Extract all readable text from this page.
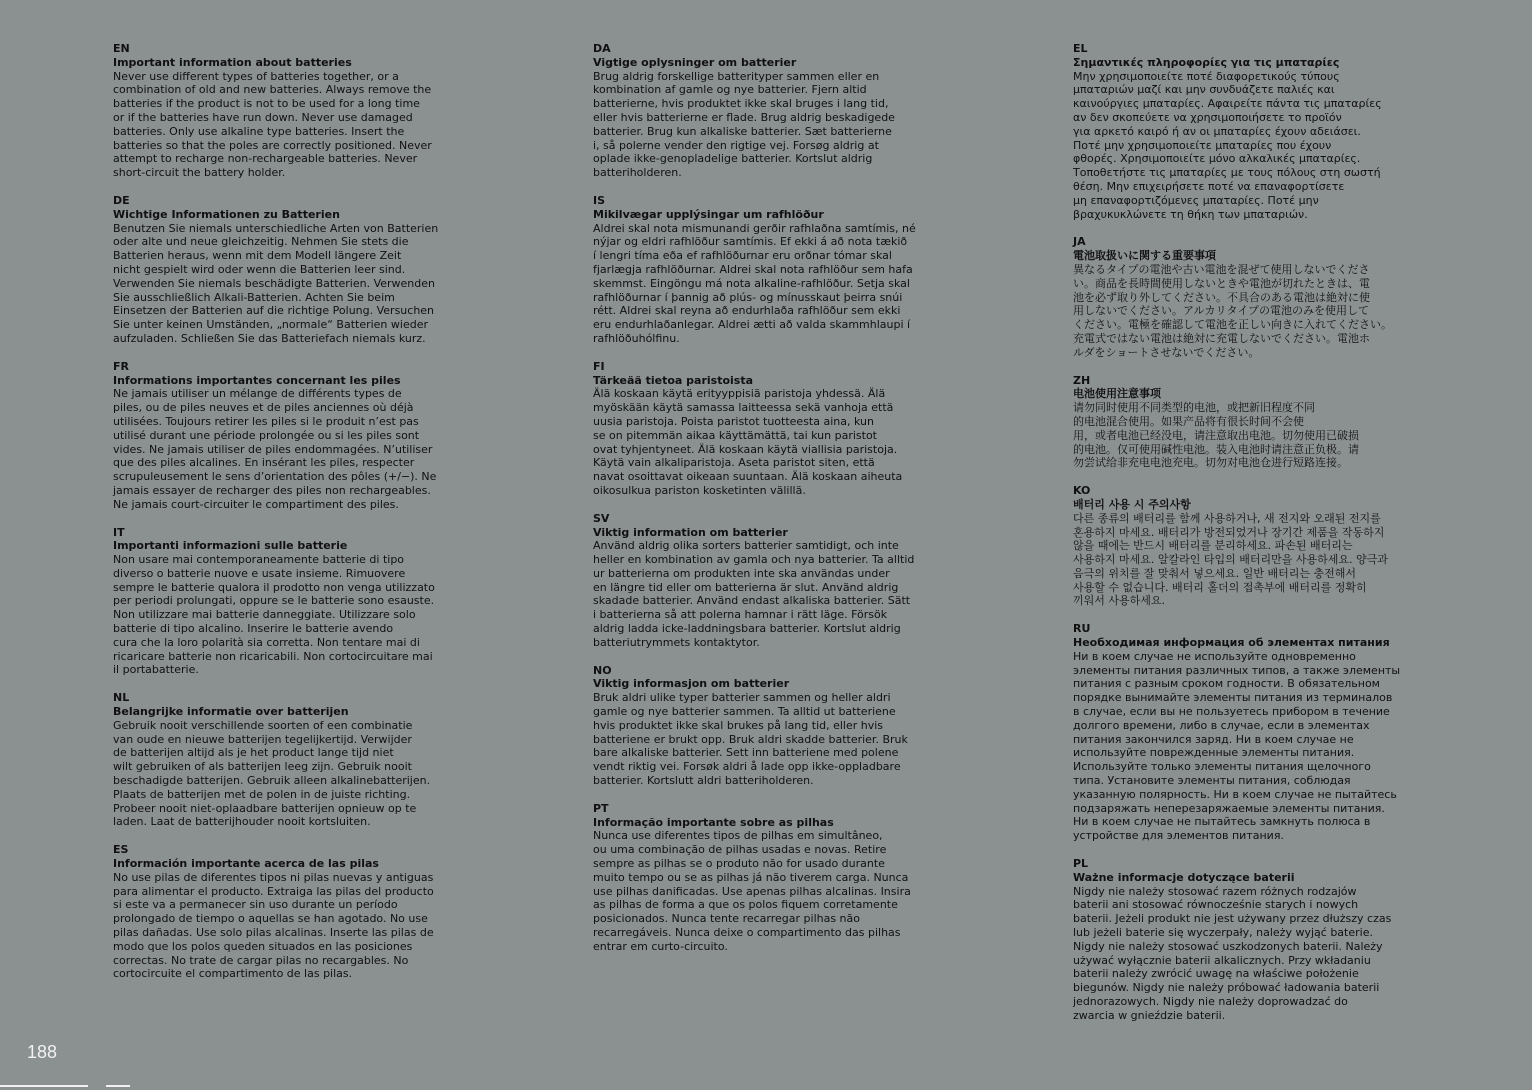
EN
Important information about batteries
Never use different types of batteries together, or a
combination of old and new batteries. Always remove the
batteries if the product is not to be used for a long time
or if the batteries have run down. Never use damaged
batteries. Only use alkaline type batteries. Insert the
batteries so that the poles are correctly positioned. Never
attempt to recharge non-rechargeable batteries. Never
short-circuit the battery holder.
DE
Wichtige Informationen zu Batterien
Benutzen Sie niemals unterschiedliche Arten von Batterien
oder alte und neue gleichzeitig. Nehmen Sie stets die
Batterien heraus, wenn mit dem Modell längere Zeit
nicht gespielt wird oder wenn die Batterien leer sind.
Verwenden Sie niemals beschädigte Batterien. Verwenden
Sie ausschließlich Alkali-Batterien. Achten Sie beim
Einsetzen der Batterien auf die richtige Polung. Versuchen
Sie unter keinen Umständen, „normale“ Batterien wieder
aufzuladen. Schließen Sie das Batteriefach niemals kurz.
FR
Informations importantes concernant les piles
Ne jamais utiliser un mélange de différents types de
piles, ou de piles neuves et de piles anciennes où déjà
utilisées. Toujours retirer les piles si le produit n’est pas
utilisé durant une période prolongée ou si les piles sont
vides. Ne jamais utiliser de piles endommagées. N’utiliser
que des piles alcalines. En insérant les piles, respecter
scrupuleusement le sens d’orientation des pôles (+/−). Ne
jamais essayer de recharger des piles non rechargeables.
Ne jamais court-circuiter le compartiment des piles.
IT
Importanti informazioni sulle batterie
Non usare mai contemporaneamente batterie di tipo
diverso o batterie nuove e usate insieme. Rimuovere
sempre le batterie qualora il prodotto non venga utilizzato
per periodi prolungati, oppure se le batterie sono esauste.
Non utilizzare mai batterie danneggiate. Utilizzare solo
batterie di tipo alcalino. Inserire le batterie avendo
cura che la loro polarità sia corretta. Non tentare mai di
ricaricare batterie non ricaricabili. Non cortocircuitare mai
il portabatterie.
NL
Belangrijke informatie over batterijen
Gebruik nooit verschillende soorten of een combinatie
van oude en nieuwe batterijen tegelijkertijd. Verwijder
de batterijen altijd als je het product lange tijd niet
wilt gebruiken of als batterijen leeg zijn. Gebruik nooit
beschadigde batterijen. Gebruik alleen alkalinebatterijen.
Plaats de batterijen met de polen in de juiste richting.
Probeer nooit niet-oplaadbare batterijen opnieuw op te
laden. Laat de batterijhouder nooit kortsluiten.
ES
Información importante acerca de las pilas
No use pilas de diferentes tipos ni pilas nuevas y antiguas
para alimentar el producto. Extraiga las pilas del producto
si este va a permanecer sin uso durante un período
prolongado de tiempo o aquellas se han agotado. No use
pilas dañadas. Use solo pilas alcalinas. Inserte las pilas de
modo que los polos queden situados en las posiciones
correctas. No trate de cargar pilas no recargables. No
cortocircuite el compartimento de las pilas.
DA
Vigtige oplysninger om batterier
Brug aldrig forskellige batterityper sammen eller en
kombination af gamle og nye batterier. Fjern altid
batterierne, hvis produktet ikke skal bruges i lang tid,
eller hvis batterierne er flade. Brug aldrig beskadigede
batterier. Brug kun alkaliske batterier. Sæt batterierne
i, så polerne vender den rigtige vej. Forsøg aldrig at
oplade ikke-genopladelige batterier. Kortslut aldrig
batteriholderen.
IS
Mikilvægar upplýsingar um rafhlöður
Aldrei skal nota mismunandi gerðir rafhlaðna samtímis, né
nýjar og eldri rafhlöður samtímis. Ef ekki á að nota tækið
í lengri tíma eða ef rafhlöðurnar eru orðnar tómar skal
fjarlægja rafhlöðurnar. Aldrei skal nota rafhlöður sem hafa
skemmst. Eingöngu má nota alkaline-rafhlöður. Setja skal
rafhlöðurnar í þannig að plús- og mínusskaut þeirra snúi
rétt. Aldrei skal reyna að endurhlaða rafhlöður sem ekki
eru endurhlaðanlegar. Aldrei ætti að valda skammhlaupi í
rafhlöðuhólfinu.
FI
Tärkeää tietoa paristoista
Älä koskaan käytä erityyppisiä paristoja yhdessä. Älä
myöskään käytä samassa laitteessa sekä vanhoja että
uusia paristoja. Poista paristot tuotteesta aina, kun
se on pitemmän aikaa käyttämättä, tai kun paristot
ovat tyhjentyneet. Älä koskaan käytä viallisia paristoja.
Käytä vain alkaliparistoja. Aseta paristot siten, että
navat osoittavat oikeaan suuntaan. Älä koskaan aiheuta
oikosulkua pariston kosketinten välillä.
SV
Viktig information om batterier
Använd aldrig olika sorters batterier samtidigt, och inte
heller en kombination av gamla och nya batterier. Ta alltid
ur batterierna om produkten inte ska användas under
en längre tid eller om batterierna är slut. Använd aldrig
skadade batterier. Använd endast alkaliska batterier. Sätt
i batterierna så att polerna hamnar i rätt läge. Försök
aldrig ladda icke-laddningsbara batterier. Kortslut aldrig
batteriutrymmets kontaktytor.
NO
Viktig informasjon om batterier
Bruk aldri ulike typer batterier sammen og heller aldri
gamle og nye batterier sammen. Ta alltid ut batteriene
hvis produktet ikke skal brukes på lang tid, eller hvis
batteriene er brukt opp. Bruk aldri skadde batterier. Bruk
bare alkaliske batterier. Sett inn batteriene med polene
vendt riktig vei. Forsøk aldri å lade opp ikke-oppladbare
batterier. Kortslutt aldri batteriholderen.
PT
Informação importante sobre as pilhas
Nunca use diferentes tipos de pilhas em simultâneo,
ou uma combinação de pilhas usadas e novas. Retire
sempre as pilhas se o produto não for usado durante
muito tempo ou se as pilhas já não tiverem carga. Nunca
use pilhas danificadas. Use apenas pilhas alcalinas. Insira
as pilhas de forma a que os polos fiquem corretamente
posicionados. Nunca tente recarregar pilhas não
recarregáveis. Nunca deixe o compartimento das pilhas
entrar em curto-circuito.
EL
Σημαντικές πληροφορίες για τις μπαταρίες
Μην χρησιμοποιείτε ποτέ διαφορετικούς τύπους
μπαταριών μαζί και μην συνδυάζετε παλιές και
καινούργιες μπαταρίες. Αφαιρείτε πάντα τις μπαταρίες
αν δεν σκοπεύετε να χρησιμοποιήσετε το προϊόν
για αρκετό καιρό ή αν οι μπαταρίες έχουν αδειάσει.
Ποτέ μην χρησιμοποιείτε μπαταρίες που έχουν
φθορές. Χρησιμοποιείτε μόνο αλκαλικές μπαταρίες.
Τοποθετήστε τις μπαταρίες με τους πόλους στη σωστή
θέση. Μην επιχειρήσετε ποτέ να επαναφορτίσετε
μη επαναφορτιζόμενες μπαταρίες. Ποτέ μην
βραχυκυκλώνετε τη θήκη των μπαταριών.
JA
電池取扱いに関する重要事項
異なるタイプの電池や古い電池を混ぜて使用しないでくださ
い。商品を長時間使用しないときや電池が切れたときは、電
池を必ず取り外してください。不具合のある電池は絶対に使
用しないでください。アルカリタイプの電池のみを使用して
ください。電極を確認して電池を正しい向きに入れてください。
充電式ではない電池は絶対に充電しないでください。電池ホ
ルダをショートさせないでください。
ZH
电池使用注意事项
请勿同时使用不同类型的电池，或把新旧程度不同
的电池混合使用。如果产品将有很长时间不会使
用，或者电池已经没电，请注意取出电池。切勿使用已破损
的电池。仅可使用碱性电池。装入电池时请注意正负极。请
勿尝试给非充电电池充电。切勿对电池仓进行短路连接。
KO
배터리 사용 시 주의사항
다른 종류의 배터리를 함께 사용하거나, 새 전지와 오래된 전지를
혼용하지 마세요. 배터리가 방전되었거나 장기간 제품을 작동하지
않을 때에는 반드시 배터리를 분리하세요. 파손된 배터리는
사용하지 마세요. 알칼라인 타입의 배터리만을 사용하세요. 양극과
음극의 위치를 잘 맞춰서 넣으세요. 일반 배터리는 충전해서
사용할 수 없습니다. 배터리 홀더의 접촉부에 배터리를 정확히
끼워서 사용하세요.
RU
Необходимая информация об элементах питания
Ни в коем случае не используйте одновременно
элементы питания различных типов, а также элементы
питания с разным сроком годности. В обязательном
порядке вынимайте элементы питания из терминалов
в случае, если вы не пользуетесь прибором в течение
долгого времени, либо в случае, если в элементах
питания закончился заряд. Ни в коем случае не
используйте поврежденные элементы питания.
Используйте только элементы питания щелочного
типа. Установите элементы питания, соблюдая
указанную полярность. Ни в коем случае не пытайтесь
подзаряжать неперезаряжаемые элементы питания.
Ни в коем случае не пытайтесь замкнуть полюса в
устройстве для элементов питания.
PL
Ważne informacje dotyczące baterii
Nigdy nie należy stosować razem różnych rodzajów
baterii ani stosować równocześnie starych i nowych
baterii. Jeżeli produkt nie jest używany przez dłuższy czas
lub jeżeli baterie się wyczerpały, należy wyjąć baterie.
Nigdy nie należy stosować uszkodzonych baterii. Należy
używać wyłącznie baterii alkalicznych. Przy wkładaniu
baterii należy zwrócić uwagę na właściwe położenie
biegunów. Nigdy nie należy próbować ładowania baterii
jednorazowych. Nigdy nie należy doprowadzać do
zwarcia w gnieździe baterii.
188
